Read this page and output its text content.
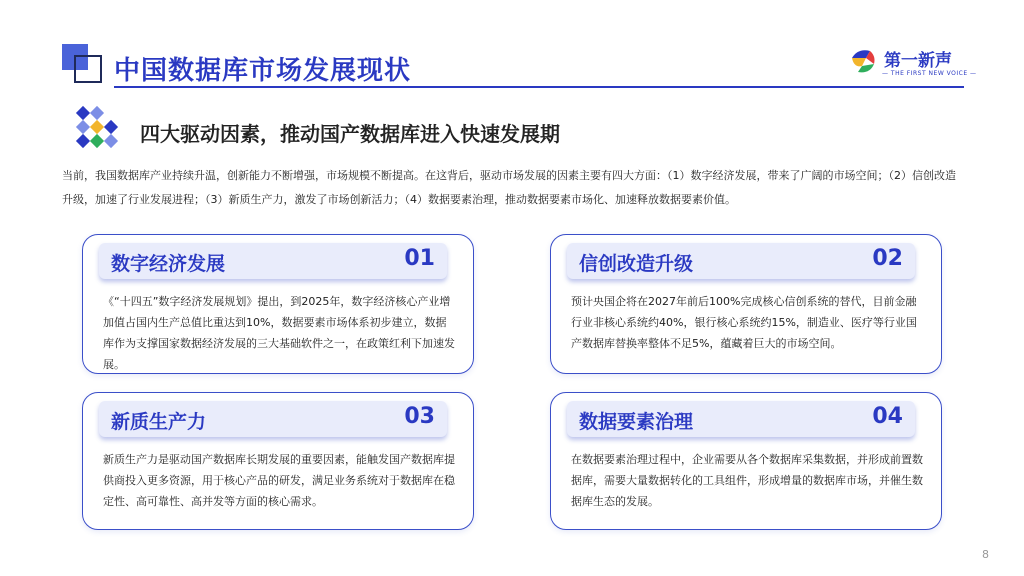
中国数据库市场发展现状	第一新声
— THE FIRST NEW VOICE —
四大驱动因素，推动国产数据库进入快速发展期
当前，我国数据库产业持续升温，创新能力不断增强，市场规模不断提高。在这背后，驱动市场发展的因素主要有四大方面：（1）数字经济发展，带来了广阔的市场空间；（2）信创改造升级，加速了行业发展进程；（3）新质生产力，激发了市场创新活力；（4）数据要素治理，推动数据要素市场化、加速释放数据要素价值。
数字经济发展	01
《“十四五”数字经济发展规划》提出，到2025年，数字经济核心产业增加值占国内生产总值比重达到10%，数据要素市场体系初步建立，数据库作为支撑国家数据经济发展的三大基础软件之一，在政策红利下加速发展。
信创改造升级	02
预计央国企将在2027年前后100%完成核心信创系统的替代，目前金融行业非核心系统约40%，银行核心系统约15%，制造业、医疗等行业国产数据库替换率整体不足5%，蕴藏着巨大的市场空间。
新质生产力	03
新质生产力是驱动国产数据库长期发展的重要因素，能触发国产数据库提供商投入更多资源，用于核心产品的研发，满足业务系统对于数据库在稳定性、高可靠性、高并发等方面的核心需求。
数据要素治理	04
在数据要素治理过程中，企业需要从各个数据库采集数据，并形成前置数据库，需要大量数据转化的工具组件，形成增量的数据库市场，并催生数据库生态的发展。
8
